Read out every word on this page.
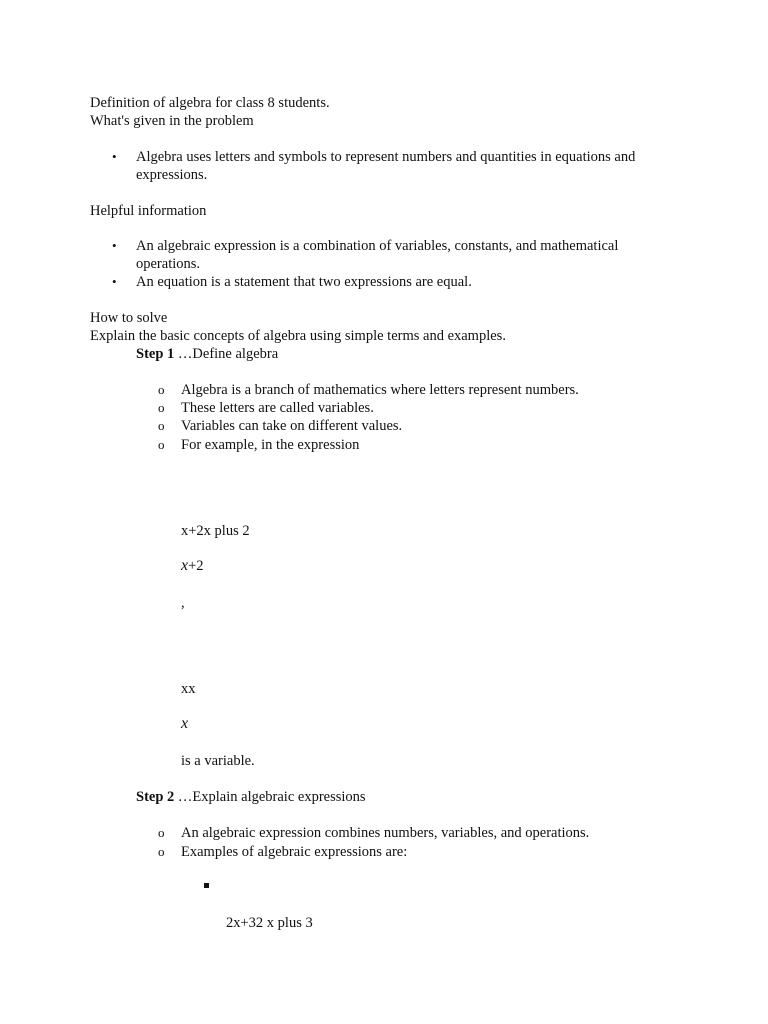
Definition of algebra for class 8 students.
What's given in the problem
• Algebra uses letters and symbols to represent numbers and quantities in equations and expressions.
Helpful information
• An algebraic expression is a combination of variables, constants, and mathematical operations.
• An equation is a statement that two expressions are equal.
How to solve
Explain the basic concepts of algebra using simple terms and examples.
Step 1 …Define algebra
o Algebra is a branch of mathematics where letters represent numbers.
o These letters are called variables.
o Variables can take on different values.
o For example, in the expression
x+2x plus 2
x+2
,
xx
x
is a variable.
Step 2 …Explain algebraic expressions
o An algebraic expression combines numbers, variables, and operations.
o Examples of algebraic expressions are:
2x+32 x plus 3
